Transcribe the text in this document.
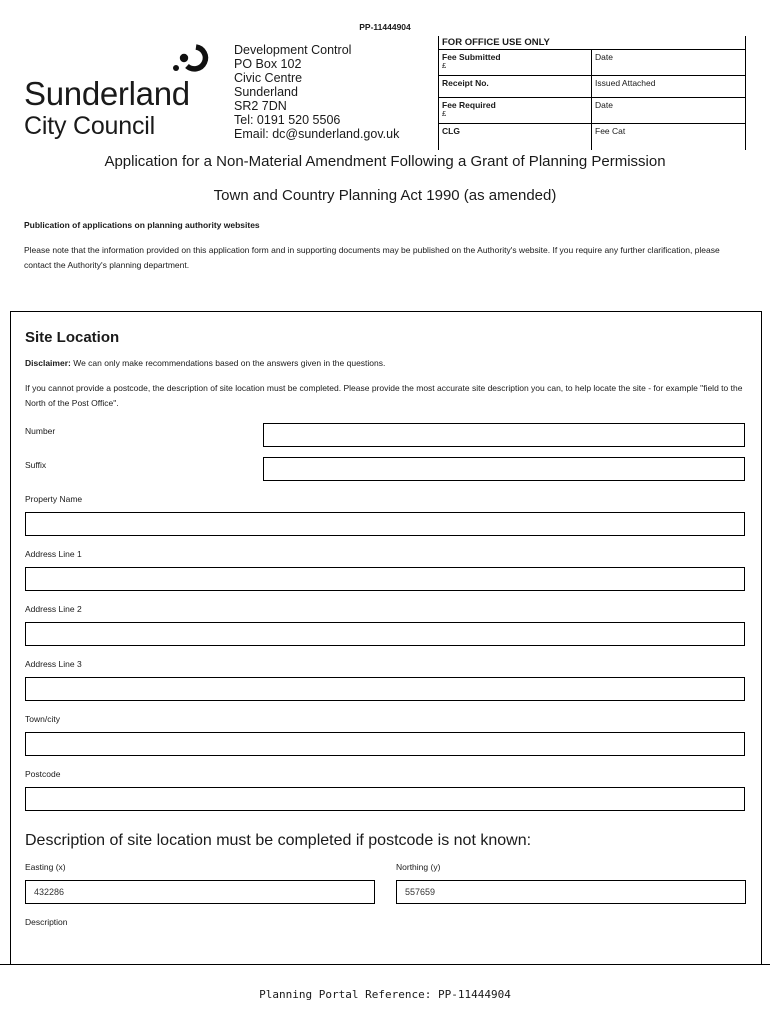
PP-11444904
Sunderland
City Council
Development Control
PO Box 102
Civic Centre
Sunderland
SR2 7DN
Tel: 0191 520 5506
Email: dc@sunderland.gov.uk
FOR OFFICE USE ONLY
Fee Submitted
£
Date
Receipt No.	Issued Attached
Fee Required
£
Date
CLG	Fee Cat
Application for a Non-Material Amendment Following a Grant of Planning Permission
Town and Country Planning Act 1990 (as amended)
Publication of applications on planning authority websites
Please note that the information provided on this application form and in supporting documents may be published on the Authority's website. If you require any further clarification, please contact the Authority's planning department.
Site Location
Disclaimer: We can only make recommendations based on the answers given in the questions.
If you cannot provide a postcode, the description of site location must be completed. Please provide the most accurate site description you can, to help locate the site - for example "field to the North of the Post Office".
Number
Suffix
Property Name
Address Line 1
Address Line 2
Address Line 3
Town/city
Postcode
Description of site location must be completed if postcode is not known:
Easting (x)
432286
Northing (y)
557659
Description
Planning Portal Reference: PP-11444904
